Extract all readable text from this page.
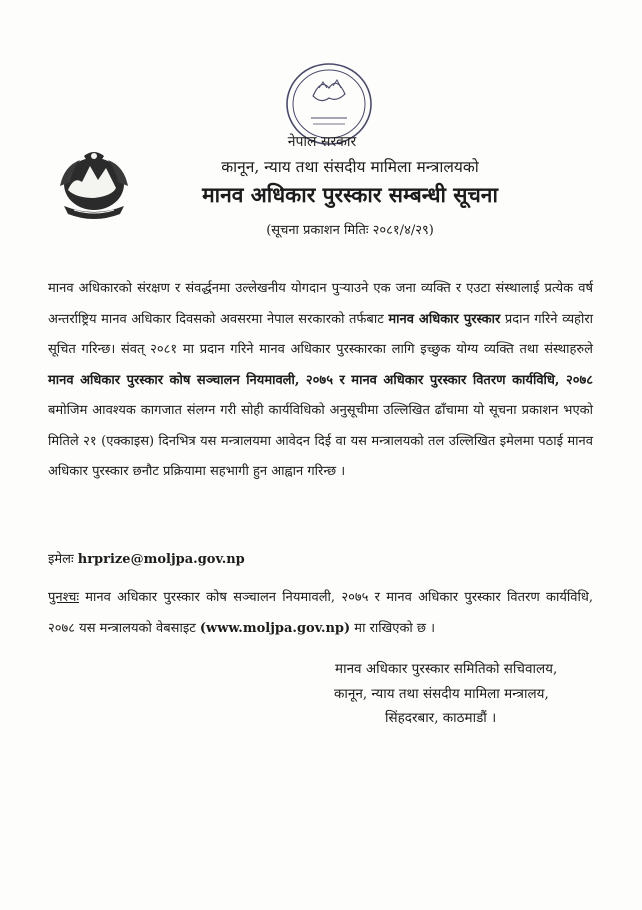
नेपाल सरकार
कानून, न्याय तथा संसदीय मामिला मन्त्रालयको
मानव अधिकार पुरस्कार सम्बन्धी सूचना
(सूचना प्रकाशन मितिः २०८१/४/२९)
मानव अधिकारको संरक्षण र संवर्द्धनमा उल्लेखनीय योगदान पुऱ्याउने एक जना व्यक्ति र एउटा संस्थालाई प्रत्येक वर्ष अन्तर्राष्ट्रिय मानव अधिकार दिवसको अवसरमा नेपाल सरकारको तर्फबाट मानव अधिकार पुरस्कार प्रदान गरिने व्यहोरा सूचित गरिन्छ। संवत् २०८१ मा प्रदान गरिने मानव अधिकार पुरस्कारका लागि इच्छुक योग्य व्यक्ति तथा संस्थाहरुले मानव अधिकार पुरस्कार कोष सञ्चालन नियमावली, २०७५ र मानव अधिकार पुरस्कार वितरण कार्यविधि, २०७८ बमोजिम आवश्यक कागजात संलग्न गरी सोही कार्यविधिको अनुसूचीमा उल्लिखित ढाँचामा यो सूचना प्रकाशन भएको मितिले २१ (एक्काइस) दिनभित्र यस मन्त्रालयमा आवेदन दिई वा यस मन्त्रालयको तल उल्लिखित इमेलमा पठाई मानव अधिकार पुरस्कार छनौट प्रक्रियामा सहभागी हुन आह्वान गरिन्छ ।
इमेलः hrprize@moljpa.gov.np
पुनश्चः मानव अधिकार पुरस्कार कोष सञ्चालन नियमावली, २०७५ र मानव अधिकार पुरस्कार वितरण कार्यविधि, २०७८ यस मन्त्रालयको वेबसाइट (www.moljpa.gov.np) मा राखिएको छ ।
मानव अधिकार पुरस्कार समितिको सचिवालय,
कानून, न्याय तथा संसदीय मामिला मन्त्रालय,
सिंहदरबार, काठमाडौं ।
